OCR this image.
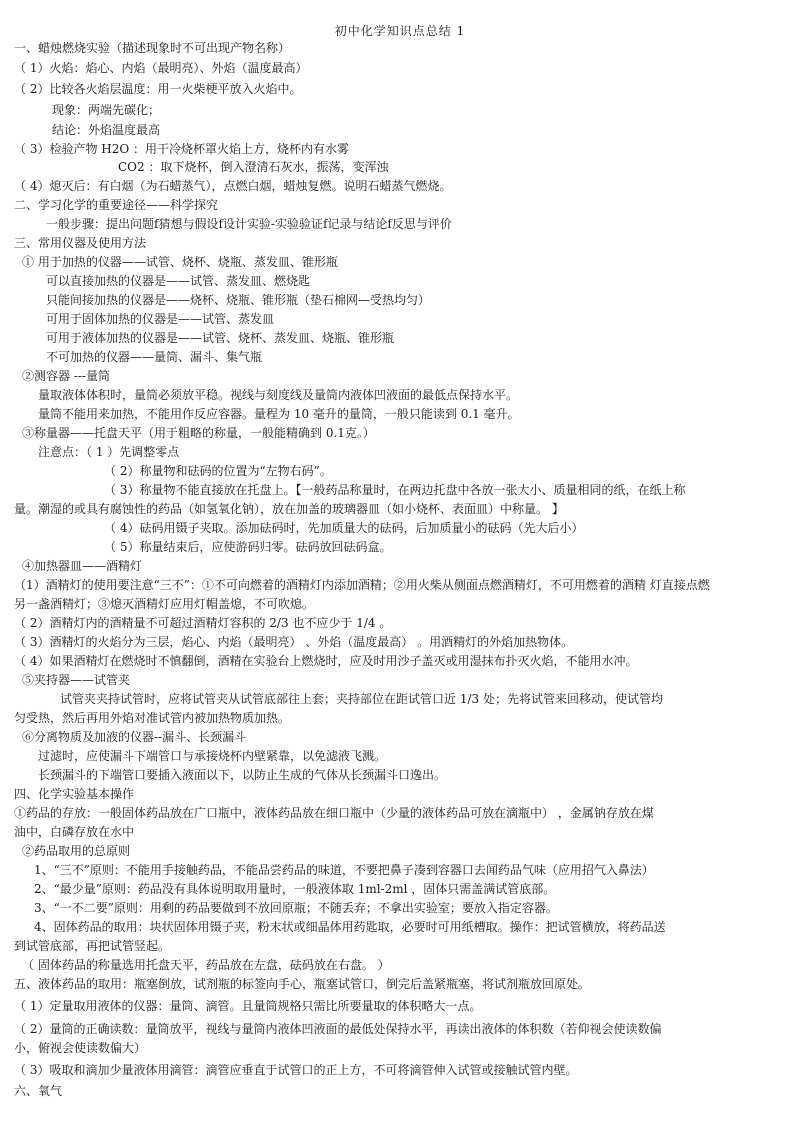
初中化学知识点总结 1
一、蜡烛燃烧实验（描述现象时不可出现产物名称）
（ 1）火焰：焰心、内焰（最明亮）、外焰（温度最高）
（ 2）比较各火焰层温度：用一火柴梗平放入火焰中。
现象：两端先碳化；
结论：外焰温度最高
（ 3）检验产物 H2O ：用干冷烧杯罩火焰上方，烧杯内有水雾
CO2 ：取下烧杯，倒入澄清石灰水，振荡，变浑浊
（ 4）熄灭后：有白烟（为石蜡蒸气），点燃白烟，蜡烛复燃。说明石蜡蒸气燃烧。
二、学习化学的重要途径——科学探究
一般步骤：提出问题f猜想与假设f设计实验-实验验证f记录与结论f反思与评价
三、常用仪器及使用方法
① 用于加热的仪器——试管、烧杯、烧瓶、蒸发皿、锥形瓶
可以直接加热的仪器是——试管、蒸发皿、燃烧匙
只能间接加热的仪器是——烧杯、烧瓶、锥形瓶（垫石棉网—受热均匀）
可用于固体加热的仪器是——试管、蒸发皿
可用于液体加热的仪器是——试管、烧杯、蒸发皿、烧瓶、锥形瓶
不可加热的仪器——量筒、漏斗、集气瓶
②测容器 ---量筒
量取液体体积时，量筒必须放平稳。视线与刻度线及量筒内液体凹液面的最低点保持水平。
量筒不能用来加热，不能用作反应容器。量程为 10 毫升的量筒，一般只能读到 0.1 毫升。
③称量器——托盘天平（用于粗略的称量，一般能精确到 0.1克。）
注意点：（ 1 ）先调整零点
（ 2）称量物和砝码的位置为“左物右码”。
（ 3）称量物不能直接放在托盘上。【一般药品称量时，在两边托盘中各放一张大小、质量相同的纸，在纸上称
量。潮湿的或具有腐蚀性的药品（如氢氧化钠），放在加盖的玻璃器皿（如小烧杯、表面皿）中称量。 】
（ 4）砝码用镊子夹取。添加砝码时，先加质量大的砝码，后加质量小的砝码（先大后小）
（ 5）称量结束后，应使游码归零。砝码放回砝码盒。
④加热器皿——酒精灯
（1）酒精灯的使用要注意“三不”：①不可向燃着的酒精灯内添加酒精；②用火柴从侧面点燃酒精灯，不可用燃着的酒精 灯直接点燃
另一盏酒精灯；③熄灭酒精灯应用灯帽盖熄，不可吹熄。
（ 2）酒精灯内的酒精量不可超过酒精灯容积的 2/3 也不应少于 1/4 。
（ 3）酒精灯的火焰分为三层，焰心、内焰（最明亮） 、外焰（温度最高） 。用酒精灯的外焰加热物体。
（ 4）如果酒精灯在燃烧时不慎翻倒，酒精在实验台上燃烧时，应及时用沙子盖灭或用湿抹布扑灭火焰，不能用水冲。
⑤夹持器——试管夹
试管夹夹持试管时，应将试管夹从试管底部往上套；夹持部位在距试管口近 1/3 处；先将试管来回移动，使试管均
匀受热，然后再用外焰对准试管内被加热物质加热。
⑥分离物质及加液的仪器--漏斗、长颈漏斗
过滤时，应使漏斗下端管口与承接烧杯内壁紧靠，以免滤液飞溅。
长颈漏斗的下端管口要插入液面以下，以防止生成的气体从长颈漏斗口逸出。
四、化学实验基本操作
①药品的存放：一般固体药品放在广口瓶中，液体药品放在细口瓶中（少量的液体药品可放在滴瓶中） ，金属钠存放在煤
油中，白磷存放在水中
②药品取用的总原则
1、“三不”原则：不能用手接触药品，不能品尝药品的味道，不要把鼻子凑到容器口去闻药品气味（应用招气入鼻法）
2、“最少量”原则：药品没有具体说明取用量时，一般液体取 1ml-2ml ，固体只需盖满试管底部。
3、“一不二要”原则：用剩的药品要做到不放回原瓶；不随丢弃；不拿出实验室；要放入指定容器。
4、固体药品的取用：块状固体用镊子夹，粉末状或细晶体用药匙取，必要时可用纸槽取。操作：把试管横放，将药品送
到试管底部，再把试管竖起。
（ 固体药品的称量选用托盘天平，药品放在左盘，砝码放在右盘。 ）
五、液体药品的取用：瓶塞倒放，试剂瓶的标签向手心，瓶塞试管口，倒完后盖紧瓶塞，将试剂瓶放回原处。
（ 1）定量取用液体的仪器：量筒、滴管。且量筒规格只需比所要量取的体积略大一点。
（ 2）量筒的正确读数：量筒放平，视线与量筒内液体凹液面的最低处保持水平，再读出液体的体积数（若仰视会使读数偏
小，俯视会使读数偏大）
（ 3）吸取和滴加少量液体用滴管：滴管应垂直于试管口的正上方，不可将滴管伸入试管或接触试管内壁。
六、氧气
